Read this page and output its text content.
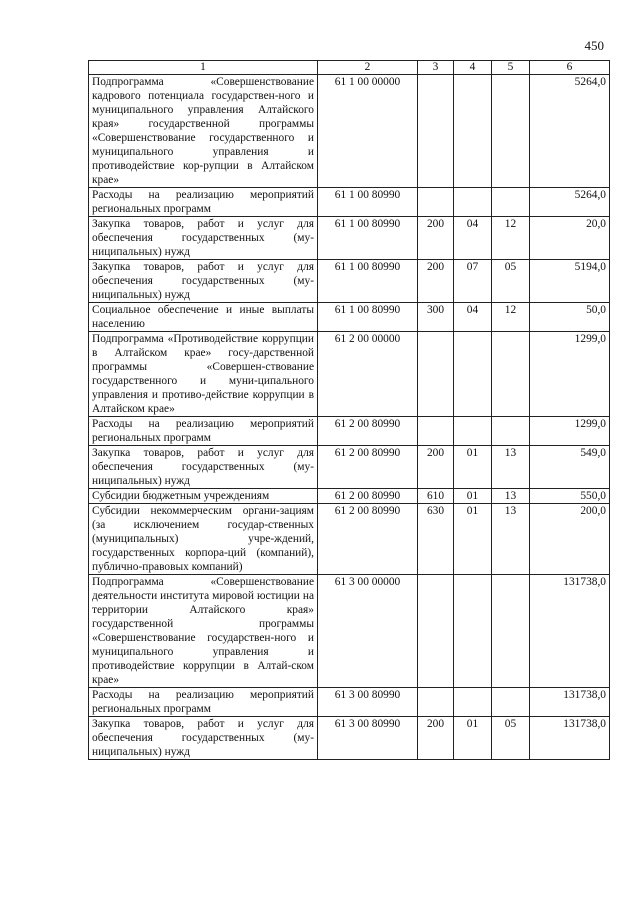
450
1	2	3	4	5	6
Подпрограмма «Совершенствование кадрового потенциала государствен-ного и муниципального управления Алтайского края» государственной программы «Совершенствование государственного и муниципального управления и противодействие кор-рупции в Алтайском крае»	61 1 00 00000				5264,0
Расходы на реализацию мероприятий региональных программ	61 1 00 80990				5264,0
Закупка товаров, работ и услуг для обеспечения государственных (му-ниципальных) нужд	61 1 00 80990	200	04	12	20,0
Закупка товаров, работ и услуг для обеспечения государственных (му-ниципальных) нужд	61 1 00 80990	200	07	05	5194,0
Социальное обеспечение и иные выплаты населению	61 1 00 80990	300	04	12	50,0
Подпрограмма «Противодействие коррупции в Алтайском крае» госу-дарственной программы «Совершен-ствование государственного и муни-ципального управления и противо-действие коррупции в Алтайском крае»	61 2 00 00000				1299,0
Расходы на реализацию мероприятий региональных программ	61 2 00 80990				1299,0
Закупка товаров, работ и услуг для обеспечения государственных (му-ниципальных) нужд	61 2 00 80990	200	01	13	549,0
Субсидии бюджетным учреждениям	61 2 00 80990	610	01	13	550,0
Субсидии некоммерческим органи-зациям (за исключением государ-ственных (муниципальных) учре-ждений, государственных корпора-ций (компаний), публично-правовых компаний)	61 2 00 80990	630	01	13	200,0
Подпрограмма «Совершенствование деятельности института мировой юстиции на территории Алтайского края» государственной программы «Совершенствование государствен-ного и муниципального управления и противодействие коррупции в Алтай-ском крае»	61 3 00 00000				131738,0
Расходы на реализацию мероприятий региональных программ	61 3 00 80990				131738,0
Закупка товаров, работ и услуг для обеспечения государственных (му-ниципальных) нужд	61 3 00 80990	200	01	05	131738,0
